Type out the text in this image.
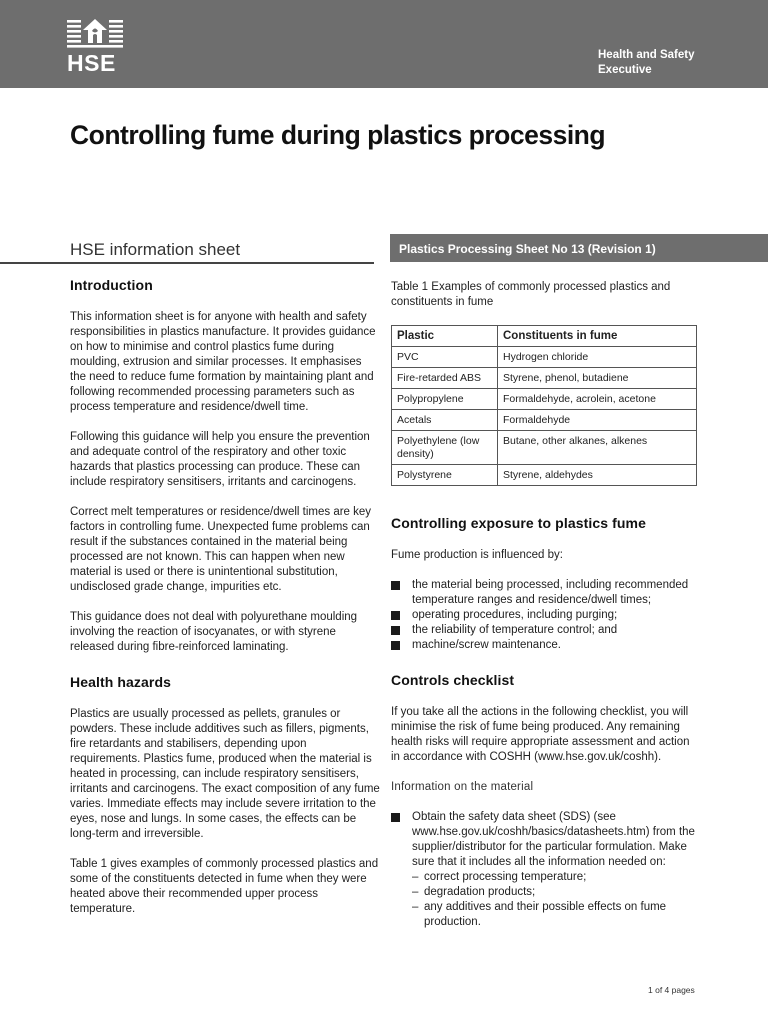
HSE	Health and Safety
Executive
Controlling fume during plastics processing
HSE information sheet	Plastics Processing Sheet No 13 (Revision 1)
Introduction

This information sheet is for anyone with health and safety responsibilities in plastics manufacture. It provides guidance on how to minimise and control plastics fume during moulding, extrusion and similar processes. It emphasises the need to reduce fume formation by maintaining plant and following recommended processing parameters such as process temperature and residence/dwell time.

Following this guidance will help you ensure the prevention and adequate control of the respiratory and other toxic hazards that plastics processing can produce. These can include respiratory sensitisers, irritants and carcinogens.

Correct melt temperatures or residence/dwell times are key factors in controlling fume. Unexpected fume problems can result if the substances contained in the material being processed are not known. This can happen when new material is used or there is unintentional substitution, undisclosed grade change, impurities etc.

This guidance does not deal with polyurethane moulding involving the reaction of isocyanates, or with styrene released during fibre-reinforced laminating.

Health hazards

Plastics are usually processed as pellets, granules or powders. These include additives such as fillers, pigments, fire retardants and stabilisers, depending upon requirements. Plastics fume, produced when the material is heated in processing, can include respiratory sensitisers, irritants and carcinogens. The exact composition of any fume varies. Immediate effects may include severe irritation to the eyes, nose and lungs. In some cases, the effects can be long-term and irreversible.

Table 1 gives examples of commonly processed plastics and some of the constituents detected in fume when they were heated above their recommended upper process temperature.

Table 1 Examples of commonly processed plastics and constituents in fume

Plastic	Constituents in fume
PVC	Hydrogen chloride
Fire-retarded ABS	Styrene, phenol, butadiene
Polypropylene	Formaldehyde, acrolein, acetone
Acetals	Formaldehyde
Polyethylene (low density)	Butane, other alkanes, alkenes
Polystyrene	Styrene, aldehydes
Controlling exposure to plastics fume

Fume production is influenced by:

the material being processed, including recommended temperature ranges and residence/dwell times;
operating procedures, including purging;
the reliability of temperature control; and
machine/screw maintenance.
Controls checklist

If you take all the actions in the following checklist, you will minimise the risk of fume being produced. Any remaining health risks will require appropriate assessment and action in accordance with COSHH (www.hse.gov.uk/coshh).

Information on the material
Obtain the safety data sheet (SDS) (see www.hse.gov.uk/coshh/basics/datasheets.htm) from the supplier/distributor for the particular formulation. Make sure that it includes all the information needed on:
– correct processing temperature;
– degradation products;
– any additives and their possible effects on fume production.
1 of 4 pages
